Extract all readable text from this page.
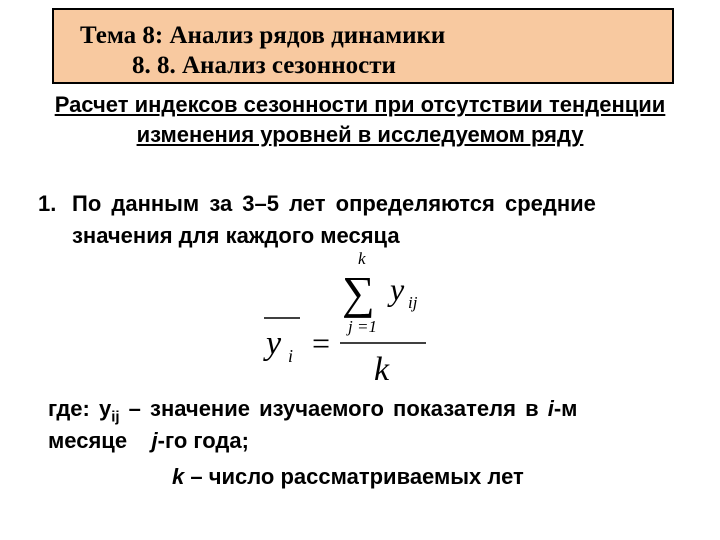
Тема 8: Анализ рядов динамики
8. 8. Анализ сезонности
Расчет индексов сезонности при отсутствии тенденции
изменения уровней в исследуемом ряду
1. По данным за 3–5 лет определяются средние
значения для каждого месяца
y i =
k
∑
j =1
y ij
k
где: $y_{ij}$ – значение изучаемого показателя в i-м
месяце    j-го года;
k – число рассматриваемых лет
